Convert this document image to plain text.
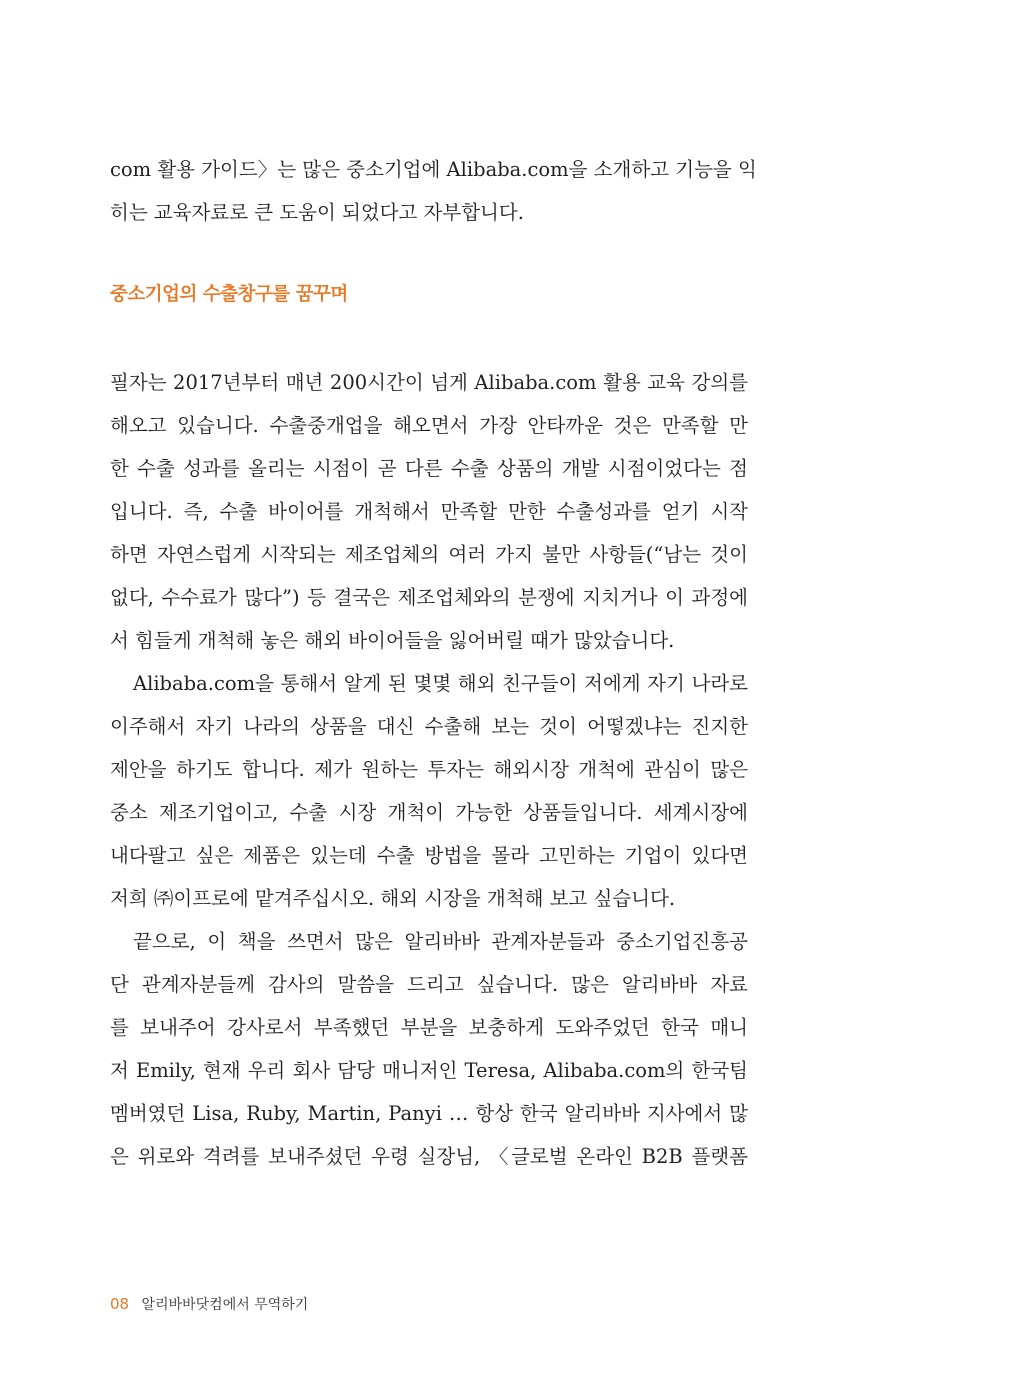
com 활용 가이드〉는 많은 중소기업에 Alibaba.com을 소개하고 기능을 익
히는 교육자료로 큰 도움이 되었다고 자부합니다.
중소기업의 수출창구를 꿈꾸며
필자는 2017년부터 매년 200시간이 넘게 Alibaba.com 활용 교육 강의를
해오고 있습니다. 수출중개업을 해오면서 가장 안타까운 것은 만족할 만
한 수출 성과를 올리는 시점이 곧 다른 수출 상품의 개발 시점이었다는 점
입니다. 즉, 수출 바이어를 개척해서 만족할 만한 수출성과를 얻기 시작
하면 자연스럽게 시작되는 제조업체의 여러 가지 불만 사항들(“남는 것이
없다, 수수료가 많다”) 등 결국은 제조업체와의 분쟁에 지치거나 이 과정에
서 힘들게 개척해 놓은 해외 바이어들을 잃어버릴 때가 많았습니다.
Alibaba.com을 통해서 알게 된 몇몇 해외 친구들이 저에게 자기 나라로
이주해서 자기 나라의 상품을 대신 수출해 보는 것이 어떻겠냐는 진지한
제안을 하기도 합니다. 제가 원하는 투자는 해외시장 개척에 관심이 많은
중소 제조기업이고, 수출 시장 개척이 가능한 상품들입니다. 세계시장에
내다팔고 싶은 제품은 있는데 수출 방법을 몰라 고민하는 기업이 있다면
저희 ㈜이프로에 맡겨주십시오. 해외 시장을 개척해 보고 싶습니다.
끝으로, 이 책을 쓰면서 많은 알리바바 관계자분들과 중소기업진흥공
단 관계자분들께 감사의 말씀을 드리고 싶습니다. 많은 알리바바 자료
를 보내주어 강사로서 부족했던 부분을 보충하게 도와주었던 한국 매니
저 Emily, 현재 우리 회사 담당 매니저인 Teresa, Alibaba.com의 한국팀
멤버였던 Lisa, Ruby, Martin, Panyi … 항상 한국 알리바바 지사에서 많
은 위로와 격려를 보내주셨던 우령 실장님, 〈글로벌 온라인 B2B 플랫폼
08 알리바바닷컴에서 무역하기
